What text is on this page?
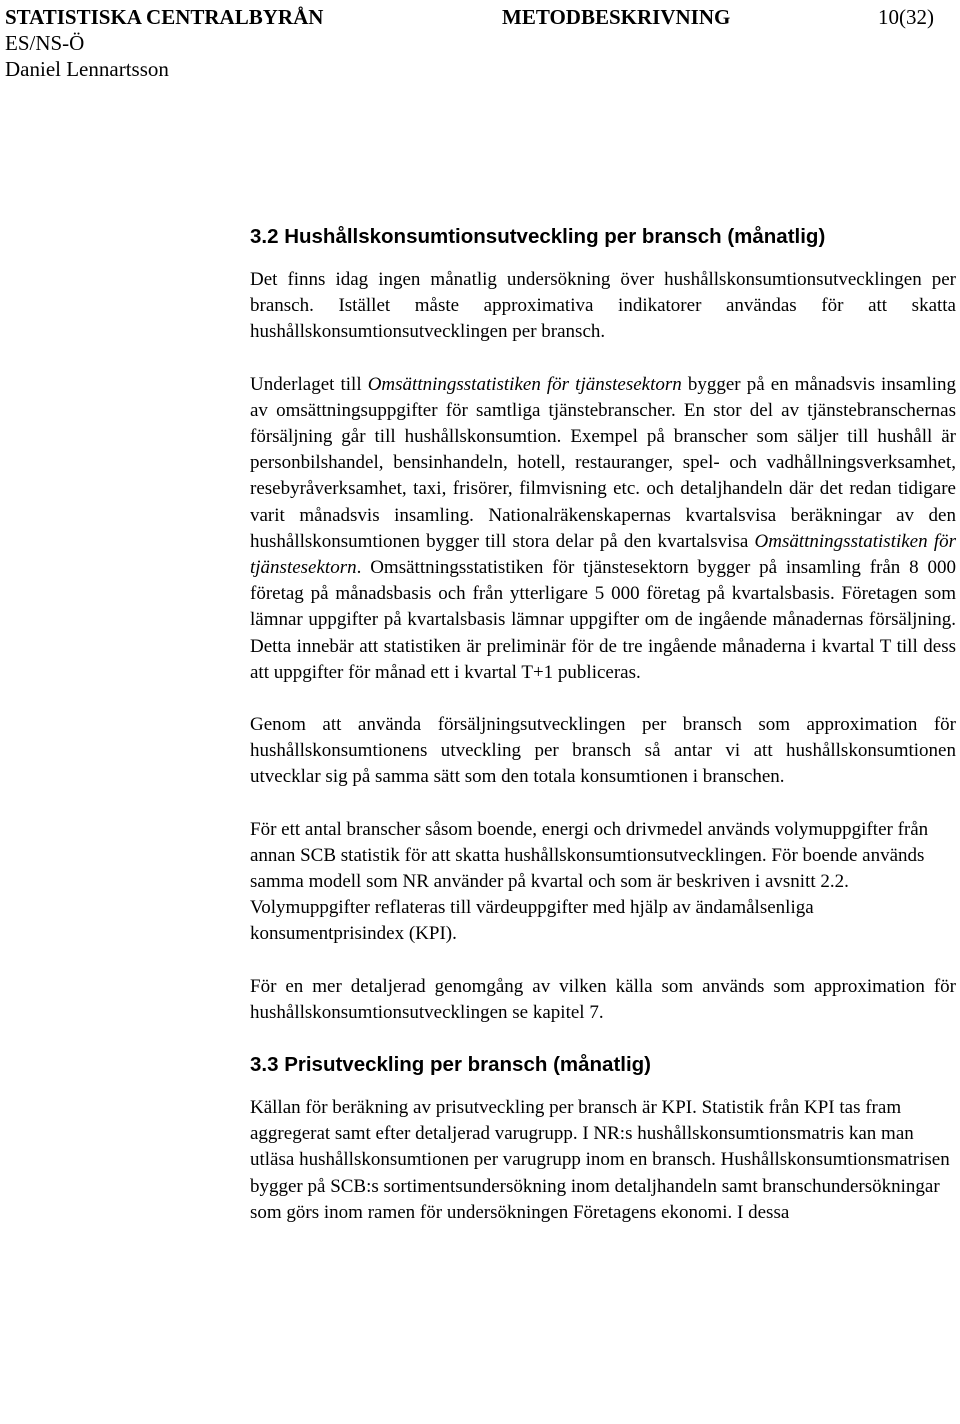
STATISTISKA CENTRALBYRÅN	METODBESKRIVNING	10(32)
ES/NS-Ö
Daniel Lennartsson
3.2 Hushållskonsumtionsutveckling per bransch (månatlig)

Det finns idag ingen månatlig undersökning över hushållskonsumtionsutvecklingen per bransch. Istället måste approximativa indikatorer användas för att skatta hushållskonsumtionsutvecklingen per bransch.

Underlaget till Omsättningsstatistiken för tjänstesektorn bygger på en månadsvis insamling av omsättningsuppgifter för samtliga tjänstebranscher. En stor del av tjänstebranschernas försäljning går till hushållskonsumtion. Exempel på branscher som säljer till hushåll är personbilshandel, bensinhandeln, hotell, restauranger, spel- och vadhållningsverksamhet, resebyråverksamhet, taxi, frisörer, filmvisning etc. och detaljhandeln där det redan tidigare varit månadsvis insamling. Nationalräkenskapernas kvartalsvisa beräkningar av den hushållskonsumtionen bygger till stora delar på den kvartalsvisa Omsättningsstatistiken för tjänstesektorn. Omsättningsstatistiken för tjänstesektorn bygger på insamling från 8 000 företag på månadsbasis och från ytterligare 5 000 företag på kvartalsbasis. Företagen som lämnar uppgifter på kvartalsbasis lämnar uppgifter om de ingående månadernas försäljning. Detta innebär att statistiken är preliminär för de tre ingående månaderna i kvartal T till dess att uppgifter för månad ett i kvartal T+1 publiceras.

Genom att använda försäljningsutvecklingen per bransch som approximation för hushållskonsumtionens utveckling per bransch så antar vi att hushållskonsumtionen utvecklar sig på samma sätt som den totala konsumtionen i branschen.

För ett antal branscher såsom boende, energi och drivmedel används volymuppgifter från annan SCB statistik för att skatta hushållskonsumtionsutvecklingen. För boende används samma modell som NR använder på kvartal och som är beskriven i avsnitt 2.2. Volymuppgifter reflateras till värdeuppgifter med hjälp av ändamålsenliga konsumentprisindex (KPI).

För en mer detaljerad genomgång av vilken källa som används som approximation för hushållskonsumtionsutvecklingen se kapitel 7.

3.3 Prisutveckling per bransch (månatlig)

Källan för beräkning av prisutveckling per bransch är KPI. Statistik från KPI tas fram aggregerat samt efter detaljerad varugrupp. I NR:s hushållskonsumtionsmatris kan man utläsa hushållskonsumtionen per varugrupp inom en bransch. Hushållskonsumtionsmatrisen bygger på SCB:s sortimentsundersökning inom detaljhandeln samt branschundersökningar som görs inom ramen för undersökningen Företagens ekonomi. I dessa
